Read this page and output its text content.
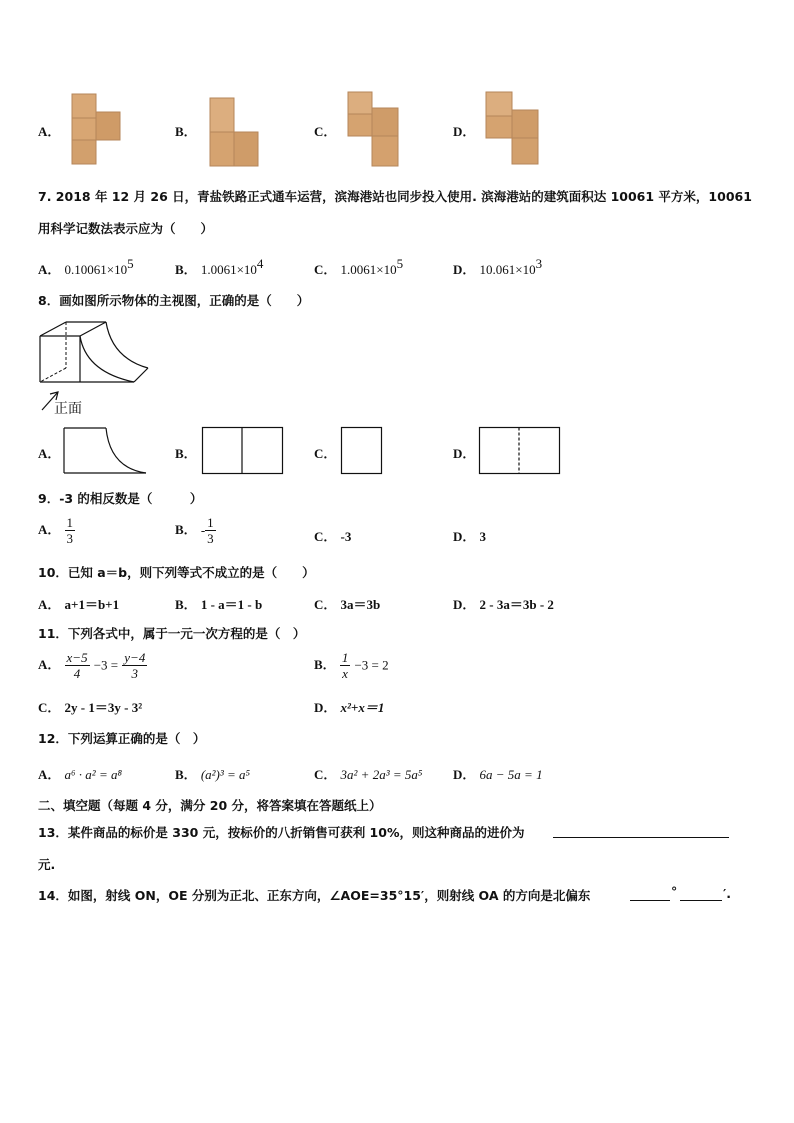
A．	B．	C．	D．
7. 2018 年 12 月 26 日，青盐铁路正式通车运营，滨海港站也同步投入使用. 滨海港站的建筑面积达 10061 平方米，10061
用科学记数法表示应为（　　）
A． $0.10061\times 10^5$	B． $1.0061\times 10^4$	C． $1.0061\times 10^5$	D． $10.061\times 10^3$
8．画如图所示物体的主视图，正确的是（　　）
正面
A．	B．	C．	D．
9．-3 的相反数是（　　　）
A． $\frac{1}{3}$	B． - $\frac{1}{3}$	C． -3	D． 3
10．已知 a＝b，则下列等式不成立的是（　　）
A． a+1＝b+1	B． 1 - a＝1 - b	C． 3a＝3b	D． 2 - 3a＝3b - 2
11．下列各式中，属于一元一次方程的是（　）
A． $\frac{x-5}{4} -3 = \frac{y-4}{3}$	B． $\frac{1}{x} -3 = 2$
C． 2y - 1＝3y - 3²	D． x²+x＝1
12．下列运算正确的是（　）
A． a⁶ · a² = a⁸	B． (a²)³ = a⁵	C． 3a² + 2a³ = 5a⁵ D． 6a − 5a = 1
二、填空题（每题 4 分，满分 20 分，将答案填在答题纸上）
13．某件商品的标价是 330 元，按标价的八折销售可获利 10%，则这种商品的进价为
元.
14．如图，射线 ON，OE 分别为正北、正东方向，∠AOE=35°15′，则射线 OA 的方向是北偏东	°	′.
